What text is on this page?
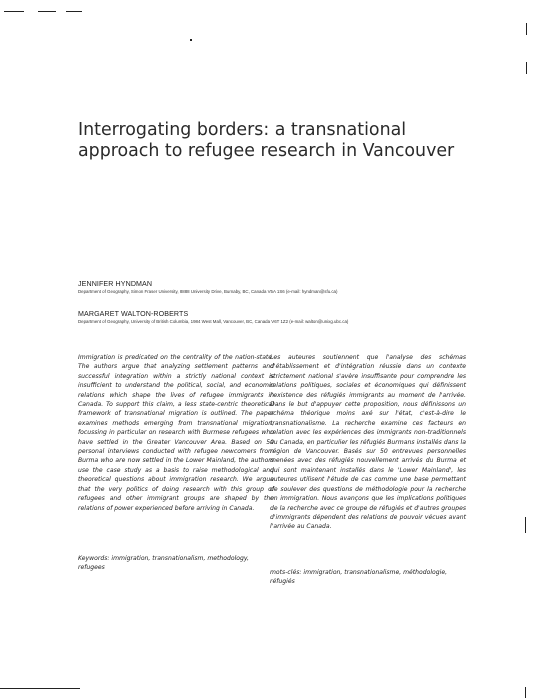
Interrogating borders: a transnational approach to refugee research in Vancouver
JENNIFER HYNDMAN
Department of Geography, Simon Fraser University, 8888 University Drive, Burnaby, BC, Canada V5A 1S6 (e-mail: hyndman@sfu.ca)
MARGARET WALTON-ROBERTS
Department of Geography, University of British Columbia, 1984 West Mall, Vancouver, BC, Canada V6T 1Z2 (e-mail: walton@unixg.ubc.ca)

Immigration is predicated on the centrality of the nation-state. The authors argue that analyzing settlement patterns and successful integration within a strictly national context is insufficient to understand the political, social, and economic relations which shape the lives of refugee immigrants in Canada. To support this claim, a less state-centric theoretical framework of transnational migration is outlined. The paper examines methods emerging from transnational migration, focussing in particular on research with Burmese refugees who have settled in the Greater Vancouver Area. Based on 50 personal interviews conducted with refugee newcomers from Burma who are now settled in the Lower Mainland, the authors use the case study as a basis to raise methodological and theoretical questions about immigration research. We argue that the very politics of doing research with this group of refugees and other immigrant groups are shaped by the relations of power experienced before arriving in Canada.

Keywords: immigration, transnationalism, methodology, refugees

Les auteures soutiennent que l'analyse des schémas d'établissement et d'intégration réussie dans un contexte strictement national s'avère insuffisante pour comprendre les relations politiques, sociales et économiques qui définissent l'existence des réfugiés immigrants au moment de l'arrivée. Dans le but d'appuyer cette proposition, nous définissons un schéma théorique moins axé sur l'état, c'est-à-dire le transnationalisme. La recherche examine ces facteurs en relation avec les expériences des immigrants non-traditionnels au Canada, en particulier les réfugiés Burmans installés dans la région de Vancouver. Basés sur 50 entrevues personnelles menées avec des réfugiés nouvellement arrivés du Burma et qui sont maintenant installés dans le 'Lower Mainland', les auteures utilisent l'étude de cas comme une base permettant de soulever des questions de méthodologie pour la recherche en immigration. Nous avançons que les implications politiques de la recherche avec ce groupe de réfugiés et d'autres groupes d'immigrants dépendent des relations de pouvoir vécues avant l'arrivée au Canada.

mots-clés: immigration, transnationalisme, méthodologie, réfugiés
